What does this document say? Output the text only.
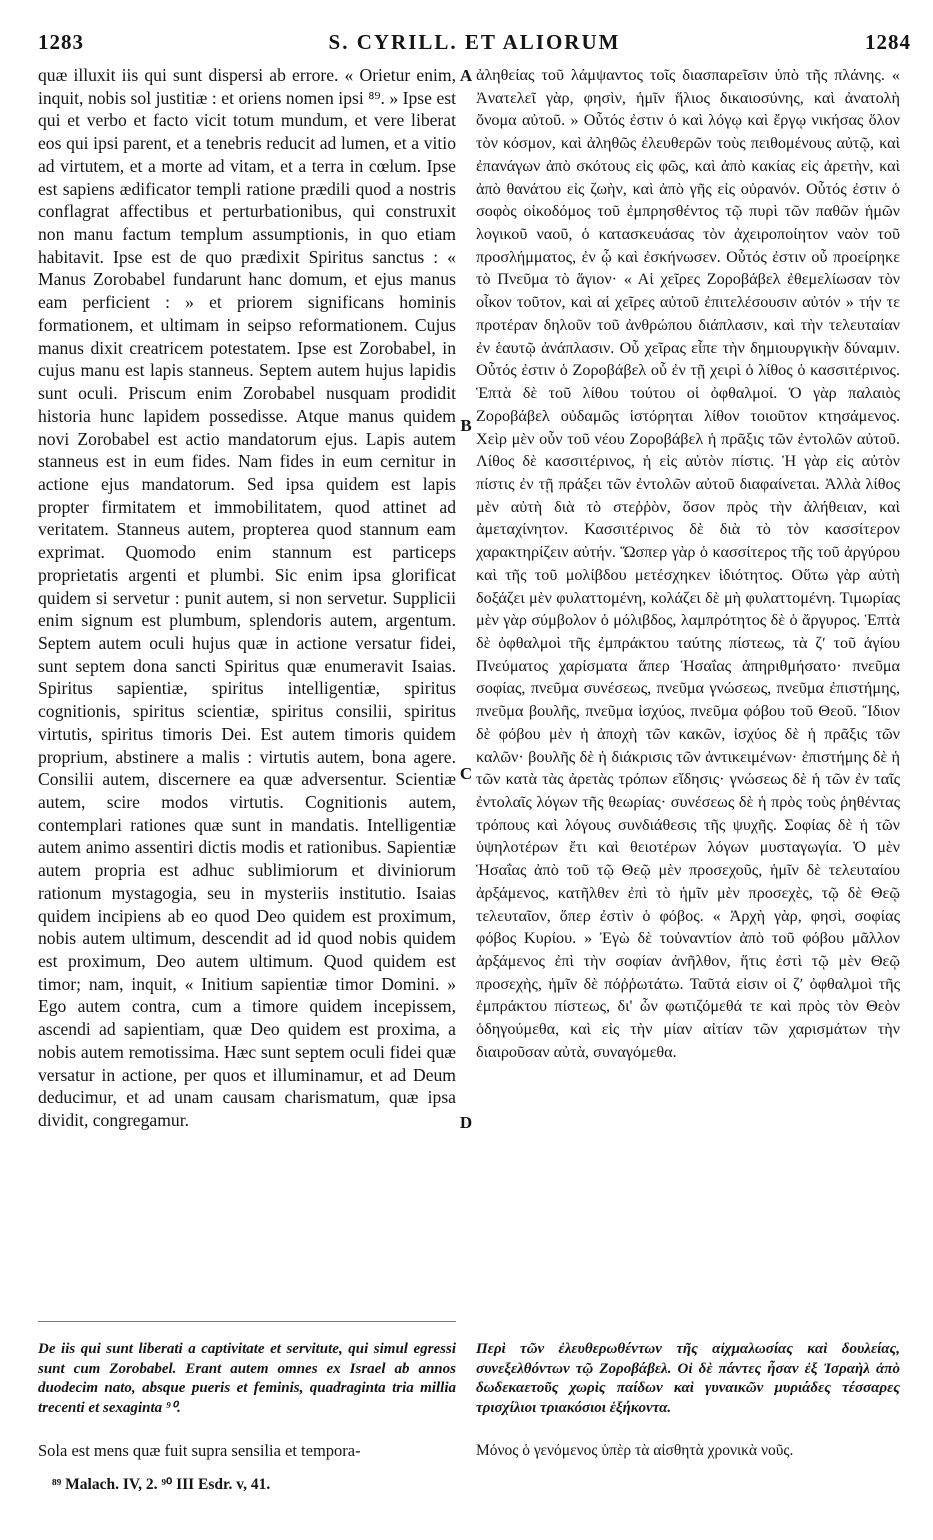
1283	S. CYRILL. ET ALIORUM	1284

quæ illuxit iis qui sunt dispersi ab errore. « Orietur enim, inquit, nobis sol justitiæ : et oriens nomen ipsi ⁸⁹. » Ipse est qui et verbo et facto vicit totum mundum, et vere liberat eos qui ipsi parent, et a tenebris reducit ad lumen, et a vitio ad virtutem, et a morte ad vitam, et a terra in cœlum. Ipse est sapiens ædificator templi ratione prædili quod a nostris conflagrat affectibus et perturbationibus, qui construxit non manu factum templum assumptionis, in quo etiam habitavit. Ipse est de quo prædixit Spiritus sanctus : « Manus Zorobabel fundarunt hanc domum, et ejus manus eam perficient : » et priorem significans hominis formationem, et ultimam in seipso reformationem. Cujus manus dixit creatricem potestatem. Ipse est Zorobabel, in cujus manu est lapis stanneus. Septem autem hujus lapidis sunt oculi. Priscum enim Zorobabel nusquam prodidit historia hunc lapidem possedisse. Atque manus quidem novi Zorobabel est actio mandatorum ejus. Lapis autem stanneus est in eum fides. Nam fides in eum cernitur in actione ejus mandatorum. Sed ipsa quidem est lapis propter firmitatem et immobilitatem, quod attinet ad veritatem. Stanneus autem, propterea quod stannum eam exprimat. Quomodo enim stannum est particeps proprietatis argenti et plumbi. Sic enim ipsa glorificat quidem si servetur : punit autem, si non servetur. Supplicii enim signum est plumbum, splendoris autem, argentum. Septem autem oculi hujus quæ in actione versatur fidei, sunt septem dona sancti Spiritus quæ enumeravit Isaias. Spiritus sapientiæ, spiritus intelligentiæ, spiritus cognitionis, spiritus scientiæ, spiritus consilii, spiritus virtutis, spiritus timoris Dei. Est autem timoris quidem proprium, abstinere a malis : virtutis autem, bona agere. Consilii autem, discernere ea quæ adversentur. Scientiæ autem, scire modos virtutis. Cognitionis autem, contemplari rationes quæ sunt in mandatis. Intelligentiæ autem animo assentiri dictis modis et rationibus. Sapientiæ autem propria est adhuc sublimiorum et diviniorum rationum mystagogia, seu in mysteriis institutio. Isaias quidem incipiens ab eo quod Deo quidem est proximum, nobis autem ultimum, descendit ad id quod nobis quidem est proximum, Deo autem ultimum. Quod quidem est timor; nam, inquit, « Initium sapientiæ timor Domini. » Ego autem contra, cum a timore quidem incepissem, ascendi ad sapientiam, quæ Deo quidem est proxima, a nobis autem remotissima. Hæc sunt septem oculi fidei quæ versatur in actione, per quos et illuminamur, et ad Deum deducimur, et ad unam causam charismatum, quæ ipsa dividit, congregamur.

A
B
C
D

ἀληθείας τοῦ λάμψαντος τοῖς διασπαρεῖσιν ὑπὸ τῆς πλάνης. « Ἀνατελεῖ γὰρ, φησὶν, ἡμῖν ἥλιος δικαιοσύνης, καὶ ἀνατολὴ ὄνομα αὐτοῦ. » Οὗτός ἐστιν ὁ καὶ λόγῳ καὶ ἔργῳ νικήσας ὅλον τὸν κόσμον, καὶ ἀληθῶς ἐλευθερῶν τοὺς πειθομένους αὐτῷ, καὶ ἐπανάγων ἀπὸ σκότους εἰς φῶς, καὶ ἀπὸ κακίας εἰς ἀρετὴν, καὶ ἀπὸ θανάτου εἰς ζωὴν, καὶ ἀπὸ γῆς εἰς οὐρανόν. Οὗτός ἐστιν ὁ σοφὸς οἰκοδόμος τοῦ ἐμπρησθέντος τῷ πυρὶ τῶν παθῶν ἡμῶν λογικοῦ ναοῦ, ὁ κατασκευάσας τὸν ἀχειροποίητον ναὸν τοῦ προσλήμματος, ἐν ᾧ καὶ ἐσκήνωσεν. Οὗτός ἐστιν οὗ προείρηκε τὸ Πνεῦμα τὸ ἅγιον· « Αἱ χεῖρες Ζοροβάβελ ἐθεμελίωσαν τὸν οἶκον τοῦτον, καὶ αἱ χεῖρες αὐτοῦ ἐπιτελέσουσιν αὐτόν » τήν τε προτέραν δηλοῦν τοῦ ἀνθρώπου διάπλασιν, καὶ τὴν τελευταίαν ἐν ἑαυτῷ ἀνάπλασιν. Οὗ χεῖρας εἶπε τὴν δημιουργικὴν δύναμιν. Οὗτός ἐστιν ὁ Ζοροβάβελ οὗ ἐν τῇ χειρὶ ὁ λίθος ὁ κασσιτέρινος. Ἑπτὰ δὲ τοῦ λίθου τούτου οἱ ὀφθαλμοί. Ὁ γὰρ παλαιὸς Ζοροβάβελ οὐδαμῶς ἱστόρηται λίθον τοιοῦτον κτησάμενος. Χεὶρ μὲν οὖν τοῦ νέου Ζοροβάβελ ἡ πρᾶξις τῶν ἐντολῶν αὐτοῦ. Λίθος δὲ κασσιτέρινος, ἡ εἰς αὐτὸν πίστις. Ἡ γὰρ εἰς αὐτὸν πίστις ἐν τῇ πράξει τῶν ἐντολῶν αὐτοῦ διαφαίνεται. Ἀλλὰ λίθος μὲν αὐτὴ διὰ τὸ στεῤῥὸν, ὅσον πρὸς τὴν ἀλήθειαν, καὶ ἀμεταχίνητον. Κασσιτέρινος δὲ διὰ τὸ τὸν κασσίτερον χαρακτηρίζειν αὐτήν. Ὥσπερ γὰρ ὁ κασσίτερος τῆς τοῦ ἀργύρου καὶ τῆς τοῦ μολίβδου μετέσχηκεν ἰδιότητος. Οὕτω γὰρ αὐτὴ δοξάζει μὲν φυλαττομένη, κολάζει δὲ μὴ φυλαττομένη. Τιμωρίας μὲν γὰρ σύμβολον ὁ μόλιβδος, λαμπρότητος δὲ ὁ ἄργυρος. Ἑπτὰ δὲ ὀφθαλμοὶ τῆς ἐμπράκτου ταύτης πίστεως, τὰ ζʹ τοῦ ἁγίου Πνεύματος χαρίσματα ἅπερ Ἡσαΐας ἀπηριθμήσατο· πνεῦμα σοφίας, πνεῦμα συνέσεως, πνεῦμα γνώσεως, πνεῦμα ἐπιστήμης, πνεῦμα βουλῆς, πνεῦμα ἰσχύος, πνεῦμα φόβου τοῦ Θεοῦ. Ἴδιον δὲ φόβου μὲν ἡ ἀποχὴ τῶν κακῶν, ἰσχύος δὲ ἡ πρᾶξις τῶν καλῶν· βουλῆς δὲ ἡ διάκρισις τῶν ἀντικειμένων· ἐπιστήμης δὲ ἡ τῶν κατὰ τὰς ἀρετὰς τρόπων εἴδησις· γνώσεως δὲ ἡ τῶν ἐν ταῖς ἐντολαῖς λόγων τῆς θεωρίας· συνέσεως δὲ ἡ πρὸς τοὺς ῥηθέντας τρόπους καὶ λόγους συνδιάθεσις τῆς ψυχῆς. Σοφίας δὲ ἡ τῶν ὑψηλοτέρων ἔτι καὶ θειοτέρων λόγων μυσταγωγία. Ὁ μὲν Ἡσαΐας ἀπὸ τοῦ τῷ Θεῷ μὲν προσεχοῦς, ἡμῖν δὲ τελευταίου ἀρξάμενος, κατῆλθεν ἐπὶ τὸ ἡμῖν μὲν προσεχὲς, τῷ δὲ Θεῷ τελευταῖον, ὅπερ ἐστὶν ὁ φόβος. « Ἀρχὴ γὰρ, φησὶ, σοφίας φόβος Κυρίου. » Ἐγὼ δὲ τοὐναντίον ἀπὸ τοῦ φόβου μᾶλλον ἀρξάμενος ἐπὶ τὴν σοφίαν ἀνῆλθον, ἥτις ἐστὶ τῷ μὲν Θεῷ προσεχὴς, ἡμῖν δὲ πόῤῥωτάτω. Ταῦτά εἰσιν οἱ ζʹ ὀφθαλμοὶ τῆς ἐμπράκτου πίστεως, δι' ὧν φωτιζόμεθά τε καὶ πρὸς τὸν Θεὸν ὁδηγούμεθα, καὶ εἰς τὴν μίαν αἰτίαν τῶν χαρισμάτων τὴν διαιροῦσαν αὐτὰ, συναγόμεθα.

De iis qui sunt liberati a captivitate et servitute, qui simul egressi sunt cum Zorobabel. Erant autem omnes ex Israel ab annos duodecim nato, absque pueris et feminis, quadraginta tria millia trecenti et sexaginta ⁹⁰.
Sola est mens quæ fuit supra sensilia et tempora-
Περὶ τῶν ἐλευθερωθέντων τῆς αἰχμαλωσίας καὶ δουλείας, συνεξελθόντων τῷ Ζοροβάβελ. Οἱ δὲ πάντες ἦσαν ἐξ Ἰσραὴλ ἀπὸ δωδεκαετοῦς χωρὶς παίδων καὶ γυναικῶν μυριάδες τέσσαρες τρισχίλιοι τριακόσιοι ἑξήκοντα.
Μόνος ὁ γενόμενος ὑπὲρ τὰ αἰσθητὰ χρονικὰ νοῦς.
⁸⁹ Malach. IV, 2. ⁹⁰ III Esdr. v, 41.
